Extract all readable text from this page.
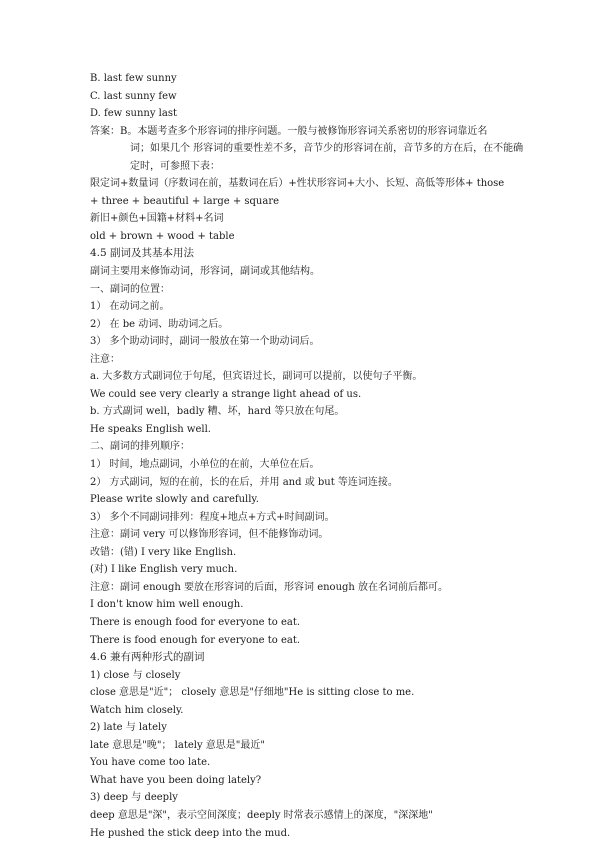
B. last few sunny
C. last sunny few
D. few sunny last
答案：B。本题考查多个形容词的排序问题。一般与被修饰形容词关系密切的形容词靠近名
词；如果几个 形容词的重要性差不多，音节少的形容词在前，音节多的方在后，在不能确
定时，可参照下表：
限定词+数量词（序数词在前，基数词在后）+性状形容词+大小、长短、高低等形体+ those
+ three + beautiful + large + square
新旧+颜色+国籍+材料+名词
old + brown + wood + table
4.5 副词及其基本用法
副词主要用来修饰动词，形容词，副词或其他结构。
一、副词的位置：
1） 在动词之前。
2） 在 be 动词、助动词之后。
3） 多个助动词时，副词一般放在第一个助动词后。
注意：
a. 大多数方式副词位于句尾，但宾语过长，副词可以提前，以使句子平衡。
We could see very clearly a strange light ahead of us.
b. 方式副词 well，badly 糟、坏，hard 等只放在句尾。
He speaks English well.
二、副词的排列顺序：
1） 时间，地点副词，小单位的在前，大单位在后。
2） 方式副词，短的在前，长的在后，并用 and 或 but 等连词连接。
Please write slowly and carefully.
3） 多个不同副词排列：程度+地点+方式+时间副词。
注意：副词 very 可以修饰形容词，但不能修饰动词。
改错：(错) I very like English.
(对) I like English very much.
注意：副词 enough 要放在形容词的后面，形容词 enough 放在名词前后都可。
I don't know him well enough.
There is enough food for everyone to eat.
There is food enough for everyone to eat.
4.6 兼有两种形式的副词
1) close 与 closely
close 意思是"近"； closely 意思是"仔细地"He is sitting close to me.
Watch him closely.
2) late 与 lately
late 意思是"晚"； lately 意思是"最近"
You have come too late.
What have you been doing lately?
3) deep 与 deeply
deep 意思是"深"，表示空间深度；deeply 时常表示感情上的深度，"深深地"
He pushed the stick deep into the mud.
